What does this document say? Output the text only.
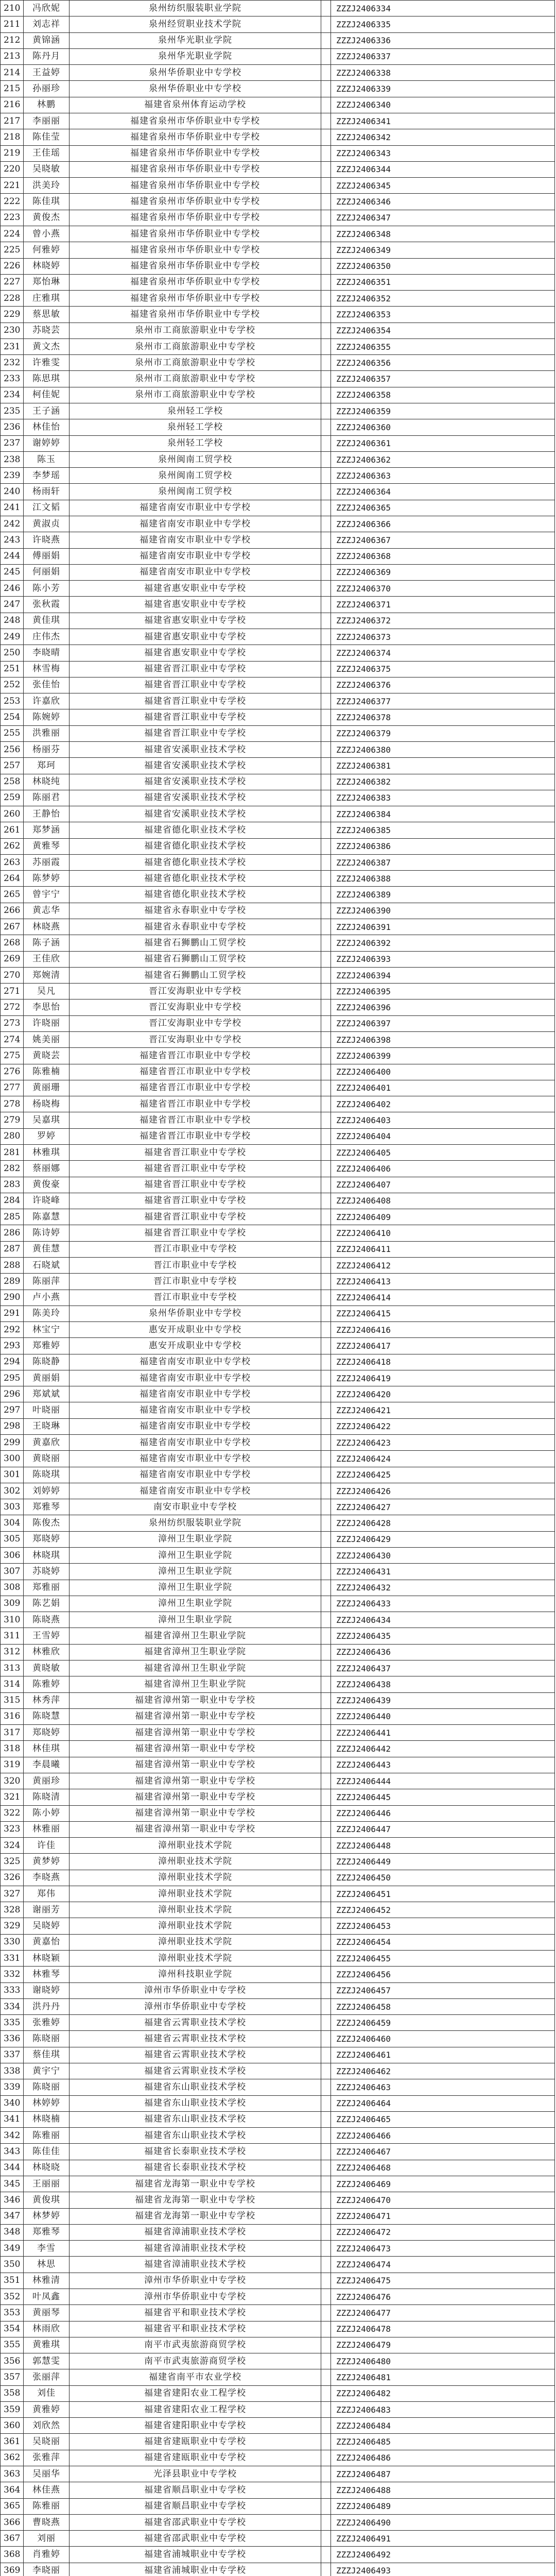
210	冯欣妮	泉州纺织服装职业学院		ZZZJ2406334
211	刘志祥	泉州经贸职业技术学院		ZZZJ2406335
212	黄锦涵	泉州华光职业学院		ZZZJ2406336
213	陈丹月	泉州华光职业学院		ZZZJ2406337
214	王益婷	泉州华侨职业中专学校		ZZZJ2406338
215	孙丽珍	泉州华侨职业中专学校		ZZZJ2406339
216	林鹏	福建省泉州体育运动学校		ZZZJ2406340
217	李丽丽	福建省泉州市华侨职业中专学校		ZZZJ2406341
218	陈佳莹	福建省泉州市华侨职业中专学校		ZZZJ2406342
219	王佳瑶	福建省泉州市华侨职业中专学校		ZZZJ2406343
220	吴晓敏	福建省泉州市华侨职业中专学校		ZZZJ2406344
221	洪美玲	福建省泉州市华侨职业中专学校		ZZZJ2406345
222	陈佳琪	福建省泉州市华侨职业中专学校		ZZZJ2406346
223	黄俊杰	福建省泉州市华侨职业中专学校		ZZZJ2406347
224	曾小燕	福建省泉州市华侨职业中专学校		ZZZJ2406348
225	何雅婷	福建省泉州市华侨职业中专学校		ZZZJ2406349
226	林晓婷	福建省泉州市华侨职业中专学校		ZZZJ2406350
227	郑怡琳	福建省泉州市华侨职业中专学校		ZZZJ2406351
228	庄雅琪	福建省泉州市华侨职业中专学校		ZZZJ2406352
229	蔡思敏	福建省泉州市华侨职业中专学校		ZZZJ2406353
230	苏晓芸	泉州市工商旅游职业中专学校		ZZZJ2406354
231	黄文杰	泉州市工商旅游职业中专学校		ZZZJ2406355
232	许雅雯	泉州市工商旅游职业中专学校		ZZZJ2406356
233	陈思琪	泉州市工商旅游职业中专学校		ZZZJ2406357
234	柯佳妮	泉州市工商旅游职业中专学校		ZZZJ2406358
235	王子涵	泉州轻工学校		ZZZJ2406359
236	林佳怡	泉州轻工学校		ZZZJ2406360
237	谢婷婷	泉州轻工学校		ZZZJ2406361
238	陈玉	泉州闽南工贸学校		ZZZJ2406362
239	李梦瑶	泉州闽南工贸学校		ZZZJ2406363
240	杨雨轩	泉州闽南工贸学校		ZZZJ2406364
241	江文韬	福建省南安市职业中专学校		ZZZJ2406365
242	黄淑贞	福建省南安市职业中专学校		ZZZJ2406366
243	许晓燕	福建省南安市职业中专学校		ZZZJ2406367
244	傅丽娟	福建省南安市职业中专学校		ZZZJ2406368
245	何丽娟	福建省南安市职业中专学校		ZZZJ2406369
246	陈小芳	福建省惠安职业中专学校		ZZZJ2406370
247	张秋霞	福建省惠安职业中专学校		ZZZJ2406371
248	黄佳琪	福建省惠安职业中专学校		ZZZJ2406372
249	庄伟杰	福建省惠安职业中专学校		ZZZJ2406373
250	李晓晴	福建省惠安职业中专学校		ZZZJ2406374
251	林雪梅	福建省晋江职业中专学校		ZZZJ2406375
252	张佳怡	福建省晋江职业中专学校		ZZZJ2406376
253	许嘉欣	福建省晋江职业中专学校		ZZZJ2406377
254	陈婉婷	福建省晋江职业中专学校		ZZZJ2406378
255	洪雅丽	福建省晋江职业中专学校		ZZZJ2406379
256	杨丽芬	福建省安溪职业技术学校		ZZZJ2406380
257	郑珂	福建省安溪职业技术学校		ZZZJ2406381
258	林晓纯	福建省安溪职业技术学校		ZZZJ2406382
259	陈丽君	福建省安溪职业技术学校		ZZZJ2406383
260	王静怡	福建省安溪职业技术学校		ZZZJ2406384
261	郑梦涵	福建省德化职业技术学校		ZZZJ2406385
262	黄雅琴	福建省德化职业技术学校		ZZZJ2406386
263	苏丽霞	福建省德化职业技术学校		ZZZJ2406387
264	陈梦婷	福建省德化职业技术学校		ZZZJ2406388
265	曾宇宁	福建省德化职业技术学校		ZZZJ2406389
266	黄志华	福建省永春职业中专学校		ZZZJ2406390
267	林晓燕	福建省永春职业中专学校		ZZZJ2406391
268	陈子涵	福建省石狮鹏山工贸学校		ZZZJ2406392
269	王佳欣	福建省石狮鹏山工贸学校		ZZZJ2406393
270	郑婉清	福建省石狮鹏山工贸学校		ZZZJ2406394
271	吴凡	晋江安海职业中专学校		ZZZJ2406395
272	李思怡	晋江安海职业中专学校		ZZZJ2406396
273	许晓丽	晋江安海职业中专学校		ZZZJ2406397
274	姚美丽	晋江安海职业中专学校		ZZZJ2406398
275	黄晓芸	福建省晋江市职业中专学校		ZZZJ2406399
276	陈雅楠	福建省晋江市职业中专学校		ZZZJ2406400
277	黄丽珊	福建省晋江市职业中专学校		ZZZJ2406401
278	杨晓梅	福建省晋江市职业中专学校		ZZZJ2406402
279	吴嘉琪	福建省晋江市职业中专学校		ZZZJ2406403
280	罗婷	福建省晋江市职业中专学校		ZZZJ2406404
281	林雅琪	福建省晋江职业中专学校		ZZZJ2406405
282	蔡丽娜	福建省晋江职业中专学校		ZZZJ2406406
283	黄俊豪	福建省晋江职业中专学校		ZZZJ2406407
284	许晓峰	福建省晋江职业中专学校		ZZZJ2406408
285	陈嘉慧	福建省晋江职业中专学校		ZZZJ2406409
286	陈诗婷	福建省晋江职业中专学校		ZZZJ2406410
287	黄佳慧	晋江市职业中专学校		ZZZJ2406411
288	石晓斌	晋江市职业中专学校		ZZZJ2406412
289	陈丽萍	晋江市职业中专学校		ZZZJ2406413
290	卢小燕	晋江市职业中专学校		ZZZJ2406414
291	陈美玲	泉州华侨职业中专学校		ZZZJ2406415
292	林宝宁	惠安开成职业中专学校		ZZZJ2406416
293	郑雅婷	惠安开成职业中专学校		ZZZJ2406417
294	陈晓静	福建省南安市职业中专学校		ZZZJ2406418
295	黄丽娟	福建省南安市职业中专学校		ZZZJ2406419
296	郑斌斌	福建省南安市职业中专学校		ZZZJ2406420
297	叶晓丽	福建省南安市职业中专学校		ZZZJ2406421
298	王晓琳	福建省南安市职业中专学校		ZZZJ2406422
299	黄嘉欣	福建省南安市职业中专学校		ZZZJ2406423
300	黄晓丽	福建省南安市职业中专学校		ZZZJ2406424
301	陈晓琪	福建省南安市职业中专学校		ZZZJ2406425
302	刘婷婷	福建省南安市职业中专学校		ZZZJ2406426
303	郑雅琴	南安市职业中专学校		ZZZJ2406427
304	陈俊杰	泉州纺织服装职业学院		ZZZJ2406428
305	郑晓婷	漳州卫生职业学院		ZZZJ2406429
306	林晓琪	漳州卫生职业学院		ZZZJ2406430
307	苏晓婷	漳州卫生职业学院		ZZZJ2406431
308	郑雅丽	漳州卫生职业学院		ZZZJ2406432
309	陈艺娟	漳州卫生职业学院		ZZZJ2406433
310	陈晓燕	漳州卫生职业学院		ZZZJ2406434
311	王雪婷	福建省漳州卫生职业学院		ZZZJ2406435
312	林雅欣	福建省漳州卫生职业学院		ZZZJ2406436
313	黄晓敏	福建省漳州卫生职业学院		ZZZJ2406437
314	陈雅婷	福建省漳州卫生职业学院		ZZZJ2406438
315	林秀萍	福建省漳州第一职业中专学校		ZZZJ2406439
316	陈晓慧	福建省漳州第一职业中专学校		ZZZJ2406440
317	郑晓婷	福建省漳州第一职业中专学校		ZZZJ2406441
318	林佳琪	福建省漳州第一职业中专学校		ZZZJ2406442
319	李晨曦	福建省漳州第一职业中专学校		ZZZJ2406443
320	黄丽珍	福建省漳州第一职业中专学校		ZZZJ2406444
321	陈晓清	福建省漳州第一职业中专学校		ZZZJ2406445
322	陈小婷	福建省漳州第一职业中专学校		ZZZJ2406446
323	林雅丽	福建省漳州第一职业中专学校		ZZZJ2406447
324	许佳	漳州职业技术学院		ZZZJ2406448
325	黄梦婷	漳州职业技术学院		ZZZJ2406449
326	李晓燕	漳州职业技术学院		ZZZJ2406450
327	郑伟	漳州职业技术学院		ZZZJ2406451
328	谢丽芳	漳州职业技术学院		ZZZJ2406452
329	吴晓婷	漳州职业技术学院		ZZZJ2406453
330	黄嘉怡	漳州职业技术学院		ZZZJ2406454
331	林晓颖	漳州职业技术学院		ZZZJ2406455
332	林雅琴	漳州科技职业学院		ZZZJ2406456
333	谢晓婷	漳州市华侨职业中专学校		ZZZJ2406457
334	洪丹丹	漳州市华侨职业中专学校		ZZZJ2406458
335	张雅婷	福建省云霄职业技术学校		ZZZJ2406459
336	陈晓丽	福建省云霄职业技术学校		ZZZJ2406460
337	蔡佳琪	福建省云霄职业技术学校		ZZZJ2406461
338	黄宇宁	福建省云霄职业技术学校		ZZZJ2406462
339	陈晓丽	福建省东山职业技术学校		ZZZJ2406463
340	林婷婷	福建省东山职业技术学校		ZZZJ2406464
341	林晓楠	福建省东山职业技术学校		ZZZJ2406465
342	陈雅丽	福建省东山职业技术学校		ZZZJ2406466
343	陈佳佳	福建省长泰职业技术学校		ZZZJ2406467
344	林晓晓	福建省长泰职业技术学校		ZZZJ2406468
345	王丽丽	福建省龙海第一职业中专学校		ZZZJ2406469
346	黄俊琪	福建省龙海第一职业中专学校		ZZZJ2406470
347	林梦婷	福建省龙海第一职业中专学校		ZZZJ2406471
348	郑雅琴	福建省漳浦职业技术学校		ZZZJ2406472
349	李雪	福建省漳浦职业技术学校		ZZZJ2406473
350	林思	福建省漳浦职业技术学校		ZZZJ2406474
351	林雅清	漳州市华侨职业中专学校		ZZZJ2406475
352	叶凤鑫	漳州市华侨职业中专学校		ZZZJ2406476
353	黄丽琴	福建省平和职业技术学校		ZZZJ2406477
354	林雨欣	福建省平和职业技术学校		ZZZJ2406478
355	黄雅琪	南平市武夷旅游商贸学校		ZZZJ2406479
356	郭慧雯	南平市武夷旅游商贸学校		ZZZJ2406480
357	张丽萍	福建省南平市农业学校		ZZZJ2406481
358	刘佳	福建省建阳农业工程学校		ZZZJ2406482
359	黄雅婷	福建省建阳农业工程学校		ZZZJ2406483
360	刘欣然	福建省建阳职业中专学校		ZZZJ2406484
361	吴晓丽	福建省建瓯职业中专学校		ZZZJ2406485
362	张雅萍	福建省建瓯职业中专学校		ZZZJ2406486
363	吴丽华	光泽县职业中专学校		ZZZJ2406487
364	林佳燕	福建省顺昌职业中专学校		ZZZJ2406488
365	陈雅丽	福建省顺昌职业中专学校		ZZZJ2406489
366	曹晓燕	福建省邵武职业中专学校		ZZZJ2406490
367	刘丽	福建省邵武职业中专学校		ZZZJ2406491
368	肖雅婷	福建省浦城职业中专学校		ZZZJ2406492
369	李晓丽	福建省浦城职业中专学校		ZZZJ2406493
